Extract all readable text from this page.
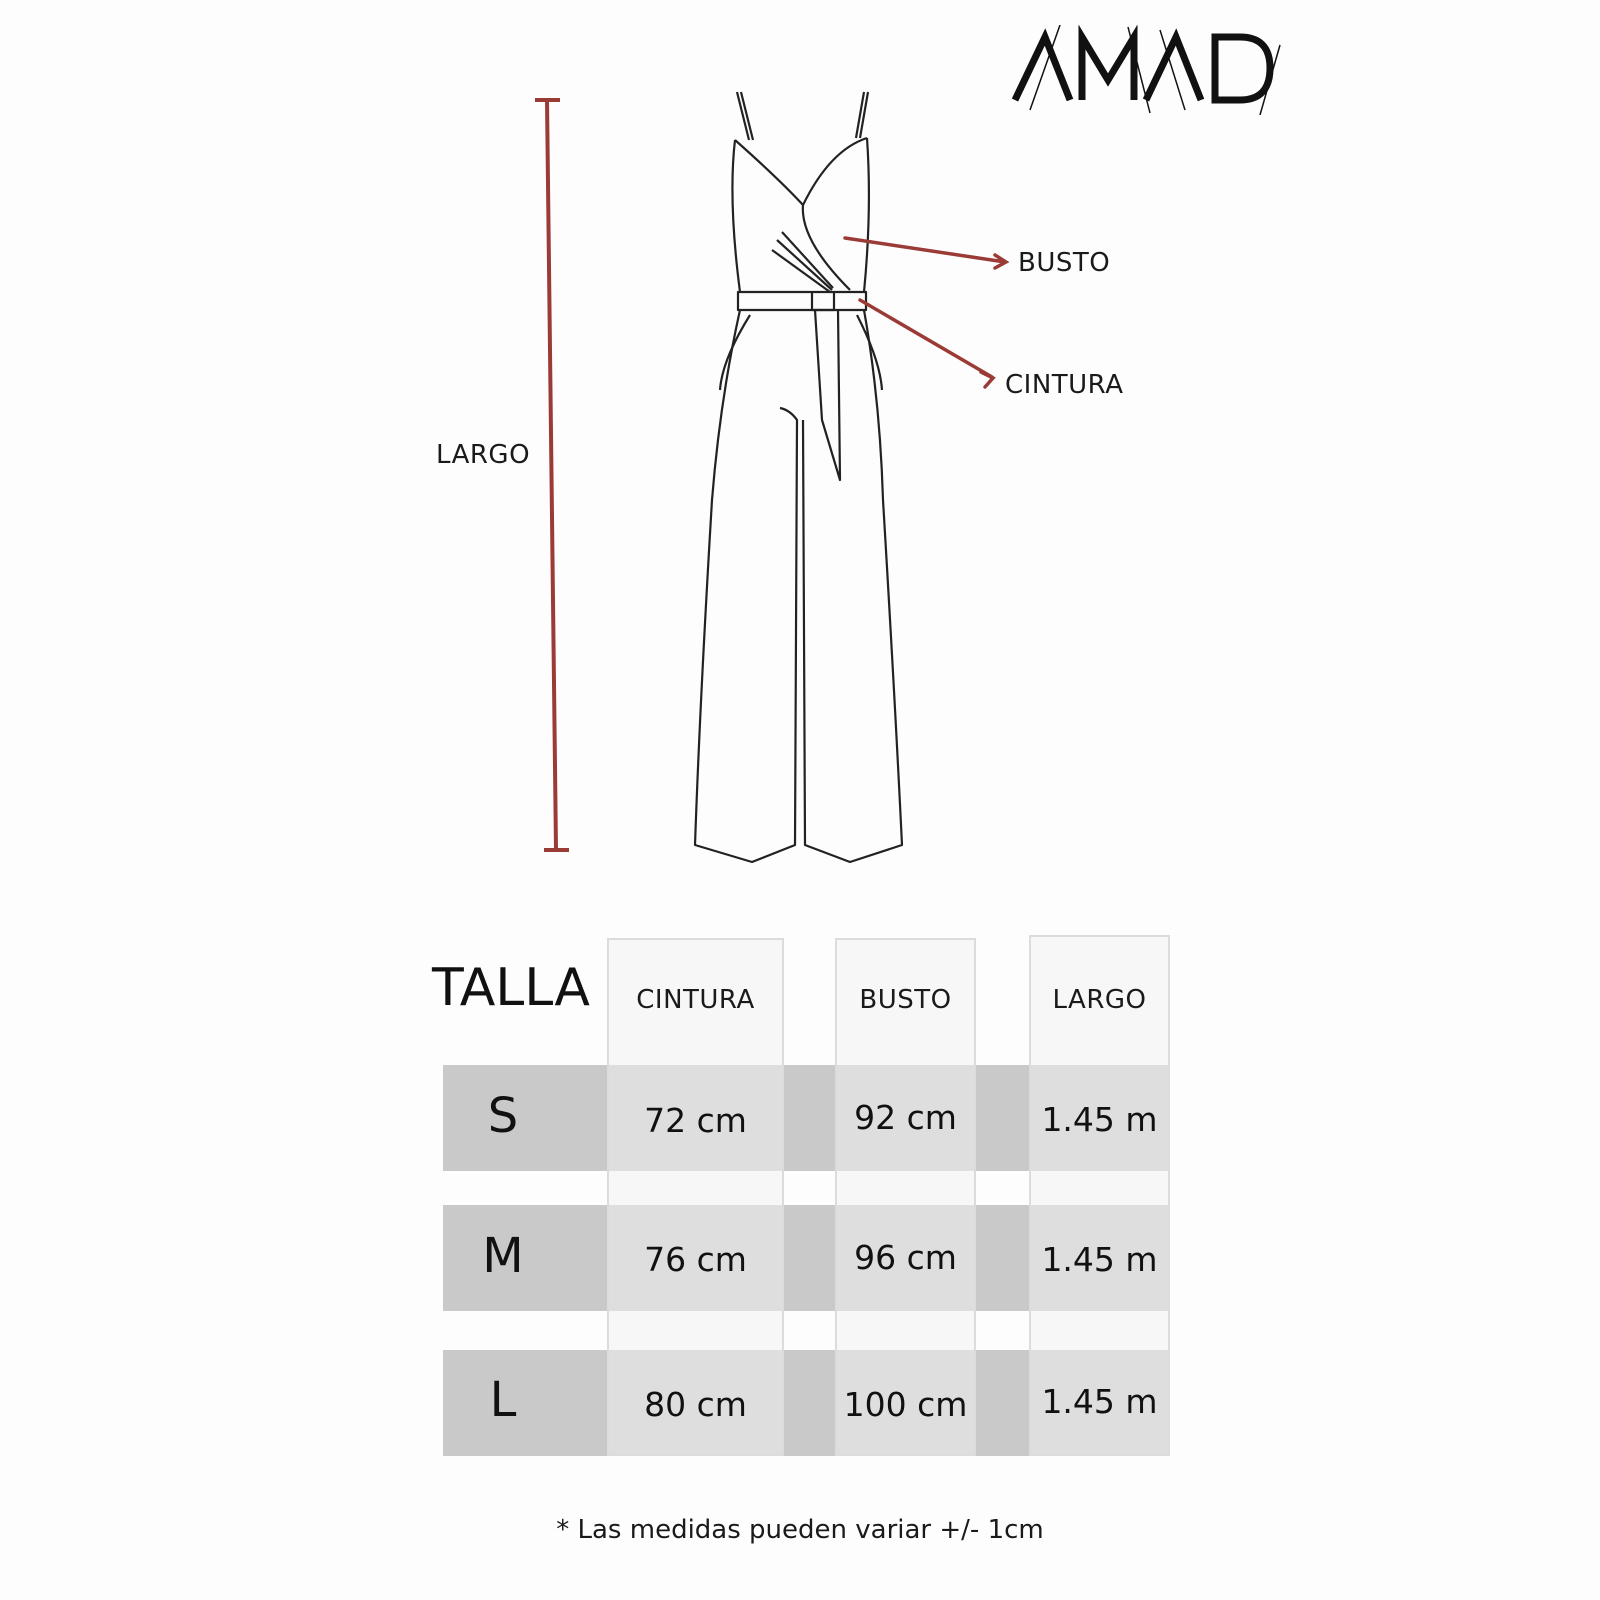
LARGO
BUSTO
CINTURA
TALLA	CINTURA	BUSTO	LARGO
S	72 cm	92 cm	1.45 m
M	76 cm	96 cm	1.45 m
L	80 cm	100 cm	1.45 m
* Las medidas pueden variar +/- 1cm
